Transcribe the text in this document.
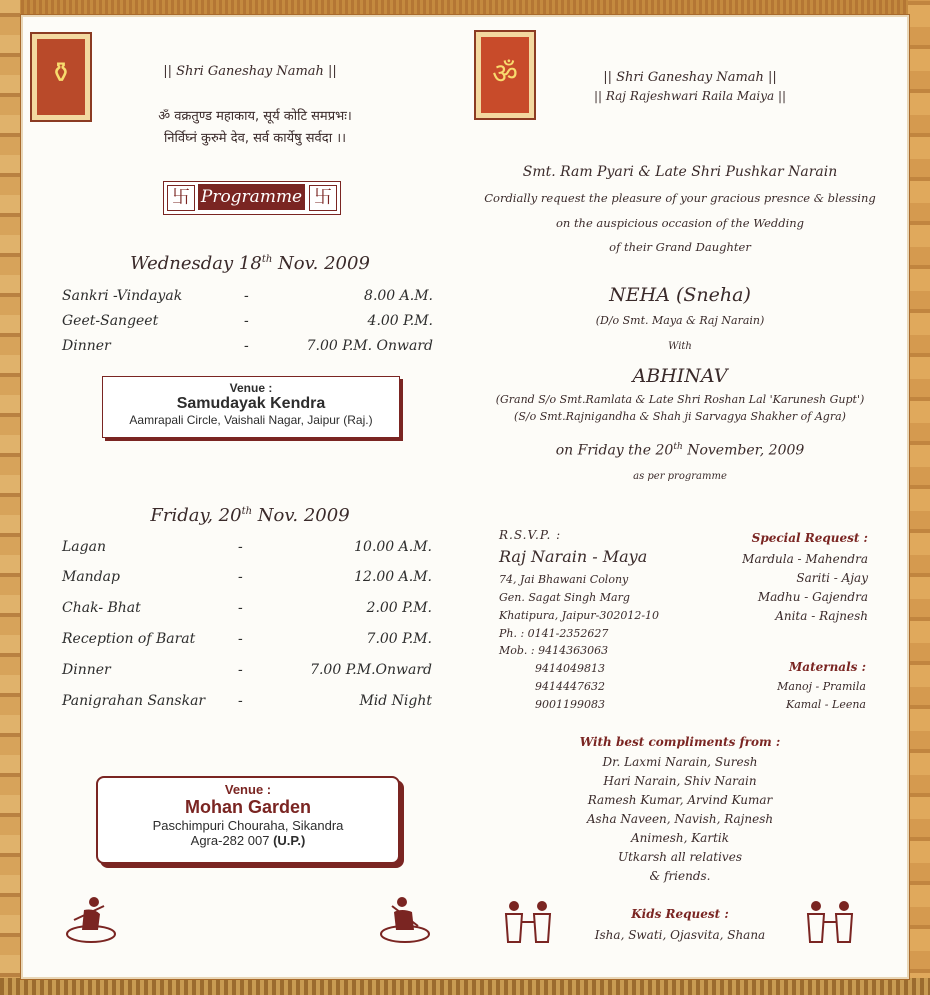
⚱	|| Shri Ganeshay Namah ||
ॐ वक्रतुण्ड महाकाय, सूर्य कोटि समप्रभः।
निर्विघ्नं कुरुमे देव, सर्व कार्येषु सर्वदा ।।
卐 Programme 卐
Wednesday 18th Nov. 2009
Sankri -Vindayak	-	8.00 A.M.
Geet-Sangeet	-	4.00 P.M.
Dinner	-	7.00 P.M. Onward
Venue :
Samudayak Kendra
Aamrapali Circle, Vaishali Nagar, Jaipur (Raj.)
Friday, 20th Nov. 2009
Lagan	-	10.00 A.M.
Mandap	-	12.00 A.M.
Chak- Bhat	-	2.00 P.M.
Reception of Barat	-	7.00 P.M.
Dinner	-	7.00 P.M.Onward
Panigrahan Sanskar -	Mid Night
Venue :
Mohan Garden
Paschimpuri Chouraha, Sikandra
Agra-282 007 (U.P.)
ॐ	|| Shri Ganeshay Namah ||
|| Raj Rajeshwari Raila Maiya ||
Smt. Ram Pyari & Late Shri Pushkar Narain
Cordially request the pleasure of your gracious presnce & blessing
on the auspicious occasion of the Wedding
of their Grand Daughter
NEHA (Sneha)
(D/o Smt. Maya & Raj Narain)
With
ABHINAV
(Grand S/o Smt.Ramlata & Late Shri Roshan Lal 'Karunesh Gupt')
(S/o Smt.Rajnigandha & Shah ji Sarvagya Shakher of Agra)
on Friday the 20th November, 2009
as per programme
R.S.V.P. :
Raj Narain - Maya
74, Jai Bhawani Colony
Gen. Sagat Singh Marg
Khatipura, Jaipur-302012-10
Ph. : 0141-2352627
Mob. : 9414363063
9414049813
9414447632
9001199083
Special Request :
Mardula - Mahendra
Sariti - Ajay
Madhu - Gajendra
Anita - Rajnesh
Maternals :
Manoj - Pramila
Kamal - Leena
With best compliments from :
Dr. Laxmi Narain, Suresh
Hari Narain, Shiv Narain
Ramesh Kumar, Arvind Kumar
Asha Naveen, Navish, Rajnesh
Animesh, Kartik
Utkarsh all relatives
& friends.
Kids Request :
Isha, Swati, Ojasvita, Shana
